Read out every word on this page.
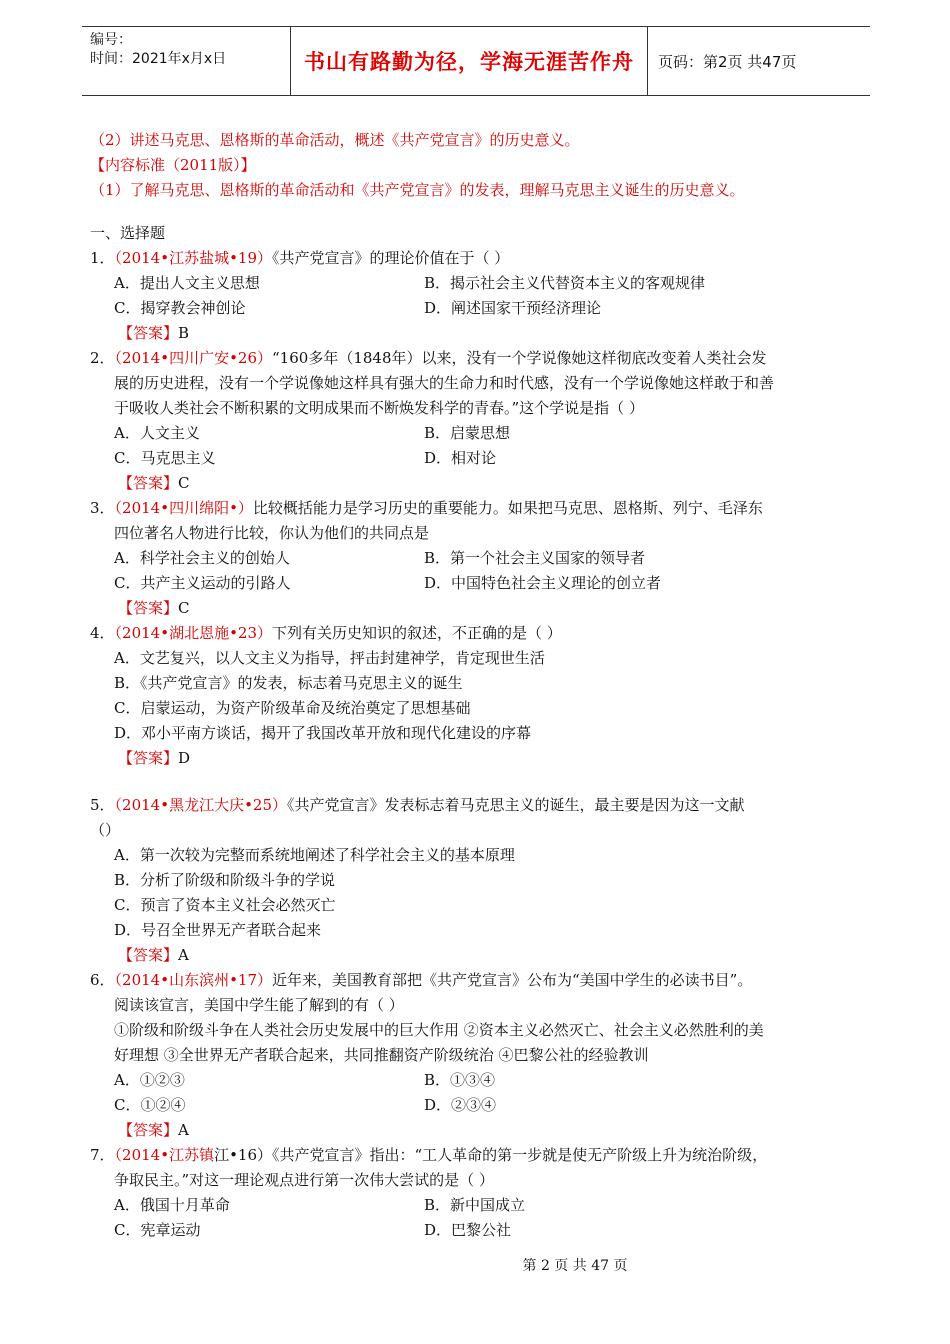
编号：
时间：2021年x月x日	书山有路勤为径，学海无涯苦作舟	页码：第2页 共47页
（2）讲述马克思、恩格斯的革命活动，概述《共产党宣言》的历史意义。
【内容标准（2011版）】
（1）了解马克思、恩格斯的革命活动和《共产党宣言》的发表，理解马克思主义诞生的历史意义。
一、选择题
1．（2014•江苏盐城•19）《共产党宣言》的理论价值在于（ ）
A．提出人文主义思想	B．揭示社会主义代替资本主义的客观规律
C．揭穿教会神创论	D．阐述国家干预经济理论
【答案】B
2．（2014•四川广安•26）“160多年（1848年）以来，没有一个学说像她这样彻底改变着人类社会发
展的历史进程，没有一个学说像她这样具有强大的生命力和时代感，没有一个学说像她这样敢于和善
于吸收人类社会不断积累的文明成果而不断焕发科学的青春。”这个学说是指（ ）
A．人文主义	B．启蒙思想
C．马克思主义	D．相对论
【答案】C
3．（2014•四川绵阳•）比较概括能力是学习历史的重要能力。如果把马克思、恩格斯、列宁、毛泽东
四位著名人物进行比较，你认为他们的共同点是
A．科学社会主义的创始人	B．第一个社会主义国家的领导者
C．共产主义运动的引路人	D．中国特色社会主义理论的创立者
【答案】C
4．（2014•湖北恩施•23）下列有关历史知识的叙述，不正确的是（ ）
A．文艺复兴，以人文主义为指导，抨击封建神学，肯定现世生活
B．《共产党宣言》的发表，标志着马克思主义的诞生
C．启蒙运动，为资产阶级革命及统治奠定了思想基础
D．邓小平南方谈话，揭开了我国改革开放和现代化建设的序幕
【答案】D
5．（2014•黑龙江大庆•25）《共产党宣言》发表标志着马克思主义的诞生，最主要是因为这一文献
（）
A．第一次较为完整而系统地阐述了科学社会主义的基本原理
B．分析了阶级和阶级斗争的学说
C．预言了资本主义社会必然灭亡
D．号召全世界无产者联合起来
【答案】A
6．（2014•山东滨州•17）近年来，美国教育部把《共产党宣言》公布为“美国中学生的必读书目”。
阅读该宣言，美国中学生能了解到的有（ ）
①阶级和阶级斗争在人类社会历史发展中的巨大作用 ②资本主义必然灭亡、社会主义必然胜利的美
好理想 ③全世界无产者联合起来，共同推翻资产阶级统治 ④巴黎公社的经验教训
A．①②③	B．①③④
C．①②④	D．②③④
【答案】A
7．（2014•江苏镇江•16）《共产党宣言》指出：“工人革命的第一步就是使无产阶级上升为统治阶级，
争取民主。”对这一理论观点进行第一次伟大尝试的是（ ）
A．俄国十月革命	B．新中国成立
C．宪章运动	D．巴黎公社
第 2 页 共 47 页
